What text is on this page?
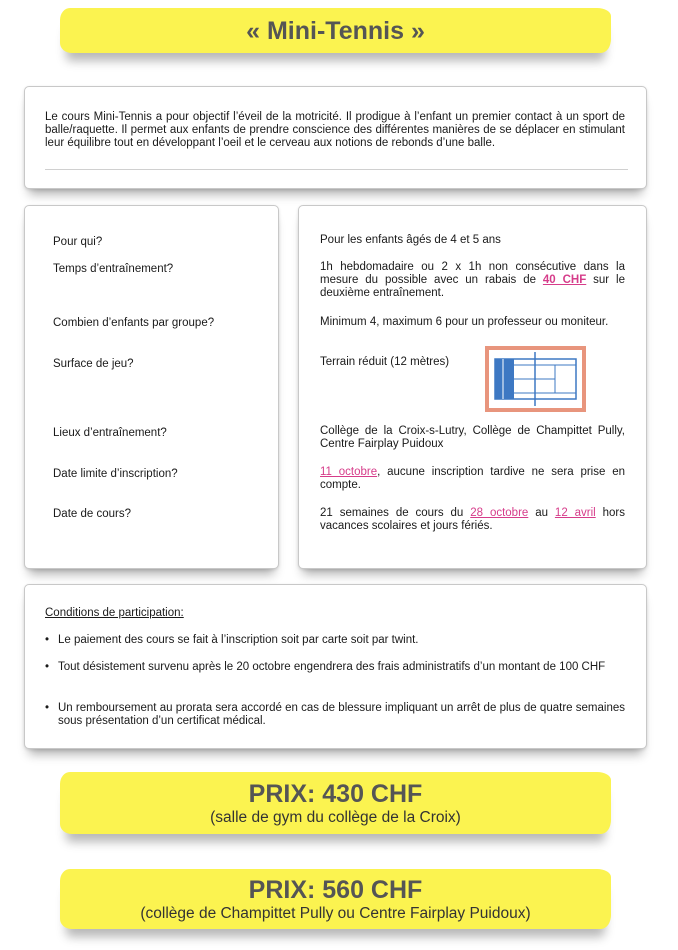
« Mini-Tennis »
Le cours Mini-Tennis a pour objectif l’éveil de la motricité. Il prodigue à l’enfant un premier contact à un sport de balle/raquette. Il permet aux enfants de prendre conscience des différentes manières de se déplacer en stimulant leur équilibre tout en développant l’oeil et le cerveau aux notions de rebonds d’une balle.
Pour qui?
Temps d’entraînement?
Combien d’enfants par groupe?
Surface de jeu?
Lieux d’entraînement?
Date limite d’inscription?
Date de cours?
Pour les enfants âgés de 4 et 5 ans
1h hebdomadaire ou 2 x 1h non consécutive dans la mesure du possible avec un rabais de 40 CHF sur le deuxième entraînement.
Minimum 4, maximum 6 pour un professeur ou moniteur.
Terrain réduit (12 mètres)
Collège de la Croix-s-Lutry, Collège de Champittet Pully, Centre Fairplay Puidoux
11 octobre, aucune inscription tardive ne sera prise en compte.
21 semaines de cours du 28 octobre au 12 avril hors vacances scolaires et jours fériés.
Conditions de participation:
• Le paiement des cours se fait à l’inscription soit par carte soit par twint.
• Tout désistement survenu après le 20 octobre engendrera des frais administratifs d’un montant de 100 CHF
• Un remboursement au prorata sera accordé en cas de blessure impliquant un arrêt de plus de quatre semaines sous présentation d’un certificat médical.
PRIX: 430 CHF
(salle de gym du collège de la Croix)
PRIX: 560 CHF
(collège de Champittet Pully ou Centre Fairplay Puidoux)
